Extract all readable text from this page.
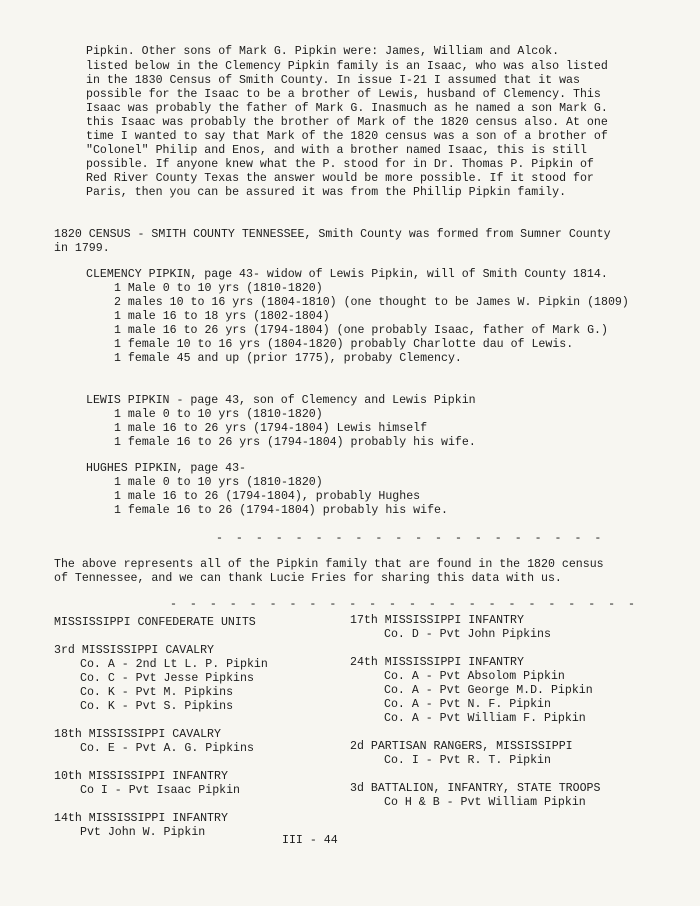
Pipkin. Other sons of Mark G. Pipkin were: James, William and Alcok.
listed below in the Clemency Pipkin family is an Isaac, who was also listed
in the 1830 Census of Smith County. In issue I-21 I assumed that it was
possible for the Isaac to be a brother of Lewis, husband of Clemency. This
Isaac was probably the father of Mark G. Inasmuch as he named a son Mark G.
this Isaac was probably the brother of Mark of the 1820 census also. At one
time I wanted to say that Mark of the 1820 census was a son of a brother of
"Colonel" Philip and Enos, and with a brother named Isaac, this is still
possible. If anyone knew what the P. stood for in Dr. Thomas P. Pipkin of
Red River County Texas the answer would be more possible. If it stood for
Paris, then you can be assured it was from the Phillip Pipkin family.
1820 CENSUS - SMITH COUNTY TENNESSEE, Smith County was formed from Sumner County
in 1799.
CLEMENCY PIPKIN, page 43- widow of Lewis Pipkin, will of Smith County 1814.
1 Male 0 to 10 yrs (1810-1820)
2 males 10 to 16 yrs (1804-1810) (one thought to be James W. Pipkin (1809)
1 male 16 to 18 yrs (1802-1804)
1 male 16 to 26 yrs (1794-1804) (one probably Isaac, father of Mark G.)
1 female 10 to 16 yrs (1804-1820) probably Charlotte dau of Lewis.
1 female 45 and up (prior 1775), probaby Clemency.
LEWIS PIPKIN - page 43, son of Clemency and Lewis Pipkin
1 male 0 to 10 yrs (1810-1820)
1 male 16 to 26 yrs (1794-1804) Lewis himself
1 female 16 to 26 yrs (1794-1804) probably his wife.
HUGHES PIPKIN, page 43-
1 male 0 to 10 yrs (1810-1820)
1 male 16 to 26 (1794-1804), probably Hughes
1 female 16 to 26 (1794-1804) probably his wife.
- - - - - - - - - - - - - - - - - - - -
The above represents all of the Pipkin family that are found in the 1820 census
of Tennessee, and we can thank Lucie Fries for sharing this data with us.
- - - - - - - - - - - - - - - - - - - - - - - -
MISSISSIPPI CONFEDERATE UNITS
3rd MISSISSIPPI CAVALRY
Co. A - 2nd Lt L. P. Pipkin
Co. C - Pvt Jesse Pipkins
Co. K - Pvt M. Pipkins
Co. K - Pvt S. Pipkins
18th MISSISSIPPI CAVALRY
Co. E - Pvt A. G. Pipkins
10th MISSISSIPPI INFANTRY
Co I - Pvt Isaac Pipkin
14th MISSISSIPPI INFANTRY
Pvt John W. Pipkin
17th MISSISSIPPI INFANTRY
Co. D - Pvt John Pipkins
24th MISSISSIPPI INFANTRY
Co. A - Pvt Absolom Pipkin
Co. A - Pvt George M.D. Pipkin
Co. A - Pvt N. F. Pipkin
Co. A - Pvt William F. Pipkin
2d PARTISAN RANGERS, MISSISSIPPI
Co. I - Pvt R. T. Pipkin
3d BATTALION, INFANTRY, STATE TROOPS
Co H & B - Pvt William Pipkin
III - 44
